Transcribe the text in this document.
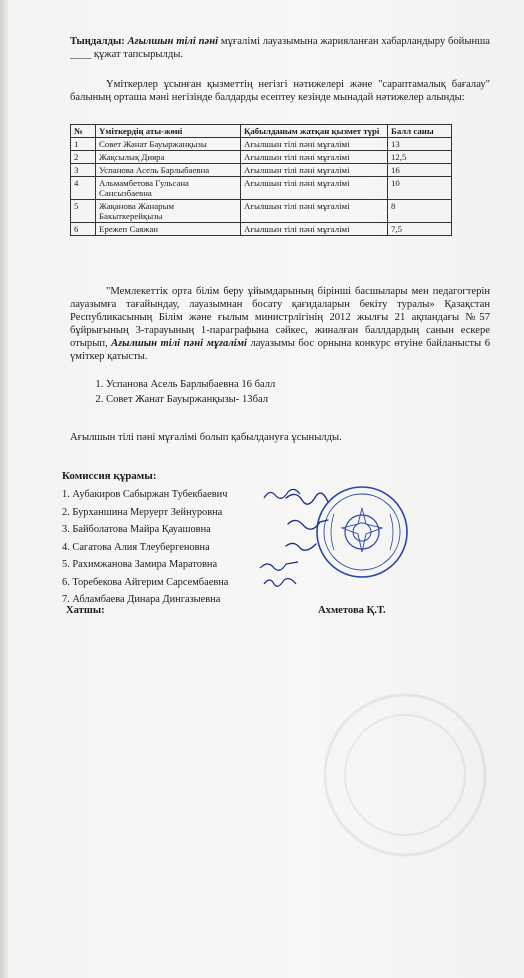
Тыңдалды: Ағылшын тілі пәні мұғалімі лауазымына жарияланған хабарландыру бойынша ____ құжат тапсырылды.
Үміткерлер ұсынған қызметтің негізгі нәтижелері және "сараптамалық бағалау" балының орташа мәні негізінде балдарды есептеу кезінде мынадай нәтижелер алынды:
№	Үміткердің аты-жөні	Қабылданым жатқан қызмет түрі	Балл саны
1	Совет Жанат Бауыржанқызы	Ағылшын тілі пәні мұғалімі	13
2	Жақсылық Дияра	Ағылшын тілі пәні мұғалімі	12,5
3	Успанова Асель Барлыбаевна	Ағылшын тілі пәні мұғалімі	16
4	Альмамбетова Гульсана Сансызбаевна	Ағылшын тілі пәні мұғалімі	10
5	Жақанова Жанарым Бакыткерейқызы	Ағылшын тілі пәні мұғалімі	8
6	Ережеп Саяжан	Ағылшын тілі пәні мұғалімі	7,5
"Мемлекеттік орта білім беру ұйымдарының бірінші басшылары мен педагогтерін лауазымға тағайындау, лауазымнан босату қағидаларын бекіту туралы» Қазақстан Республикасының Білім және ғылым министрлігінің 2012 жылғы 21 ақпандағы №57 бұйрығының 3-тарауының 1-параграфына сәйкес, жиналған баллдардың санын ескере отырып, Ағылшын тілі пәні мұғалімі лауазымы бос орнына конкурс өтуіне байланысты 6 үміткер қатысты.
1. Успанова Асель Барлыбаевна 16 балл
2. Совет Жанат Бауыржанқызы- 13бал
Ағылшын тілі пәні мұғалімі болып қабылдануға ұсынылды.
Комиссия құрамы:
1. Аубакиров Сабыржан Тубекбаевич
2. Бурханшина Меруерт Зейнуровна
3. Байболатова Майра Қауашовна
4. Сагатова Алия Тлеубергеновна
5. Рахимжанова Замира Маратовна
6. Торебекова Айгерим Сарсембаевна
7. Абламбаева Динара Дингазыевна
Хатшы:	Ахметова Қ.Т.
